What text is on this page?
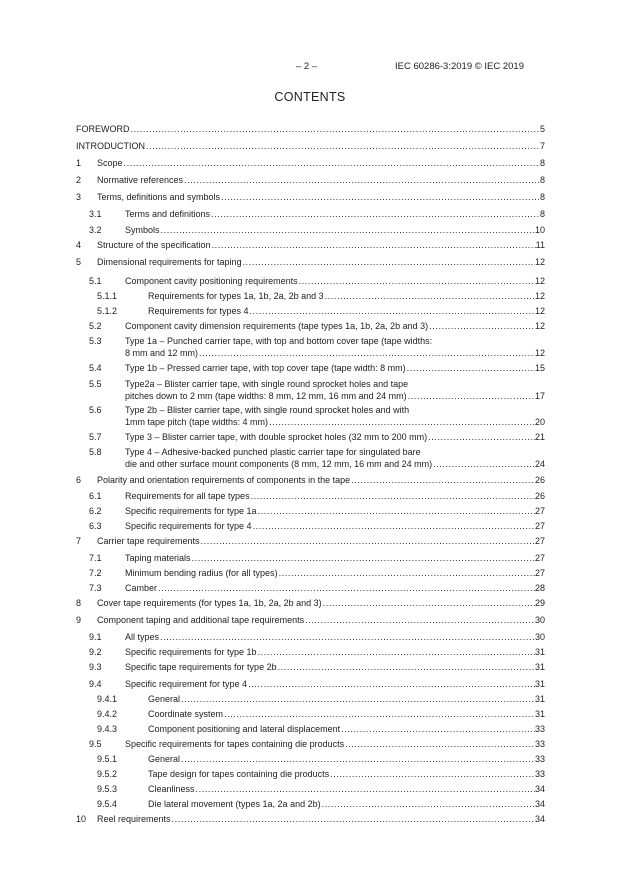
– 2 –	IEC 60286-3:2019 © IEC 2019
CONTENTS
FOREWORD .....	5
INTRODUCTION .....	7
1 Scope .....	8
2 Normative references .....	8
3 Terms, definitions and symbols .....	8
3.1	Terms and definitions .....	8
3.2	Symbols .....	10
4 Structure of the specification .....	11
5 Dimensional requirements for taping .....	12
5.1	Component cavity positioning requirements .....	12
5.1.1	Requirements for types 1a, 1b, 2a, 2b and 3 .....	12
5.1.2	Requirements for types 4 .....	12
5.2	Component cavity dimension requirements (tape types 1a, 1b, 2a, 2b and 3) .....	12
5.3	Type 1a – Punched carrier tape, with top and bottom cover tape (tape widths:
8 mm and 12 mm) .....	12
5.4	Type 1b – Pressed carrier tape, with top cover tape (tape width: 8 mm) .....	15
5.5	Type2a – Blister carrier tape, with single round sprocket holes and tape
pitches down to 2 mm (tape widths: 8 mm, 12 mm, 16 mm and 24 mm) .....	17
5.6	Type 2b – Blister carrier tape, with single round sprocket holes and with
1mm tape pitch (tape widths: 4 mm) .....	20
5.7	Type 3 – Blister carrier tape, with double sprocket holes (32 mm to 200 mm) .....	21
5.8	Type 4 – Adhesive-backed punched plastic carrier tape for singulated bare
die and other surface mount components (8 mm, 12 mm, 16 mm and 24 mm) .....	24
6 Polarity and orientation requirements of components in the tape .....	26
6.1	Requirements for all tape types .....	26
6.2	Specific requirements for type 1a .....	27
6.3	Specific requirements for type 4 .....	27
7 Carrier tape requirements .....	27
7.1	Taping materials .....	27
7.2	Minimum bending radius (for all types) .....	27
7.3	Camber .....	28
8 Cover tape requirements (for types 1a, 1b, 2a, 2b and 3) .....	29
9 Component taping and additional tape requirements .....	30
9.1	All types .....	30
9.2	Specific requirements for type 1b .....	31
9.3	Specific tape requirements for type 2b .....	31
9.4	Specific requirement for type 4 .....	31
9.4.1	General .....	31
9.4.2	Coordinate system .....	31
9.4.3	Component positioning and lateral displacement .....	33
9.5	Specific requirements for tapes containing die products .....	33
9.5.1	General .....	33
9.5.2	Tape design for tapes containing die products .....	33
9.5.3	Cleanliness .....	34
9.5.4	Die lateral movement (types 1a, 2a and 2b) .....	34
10 Reel requirements .....	34
